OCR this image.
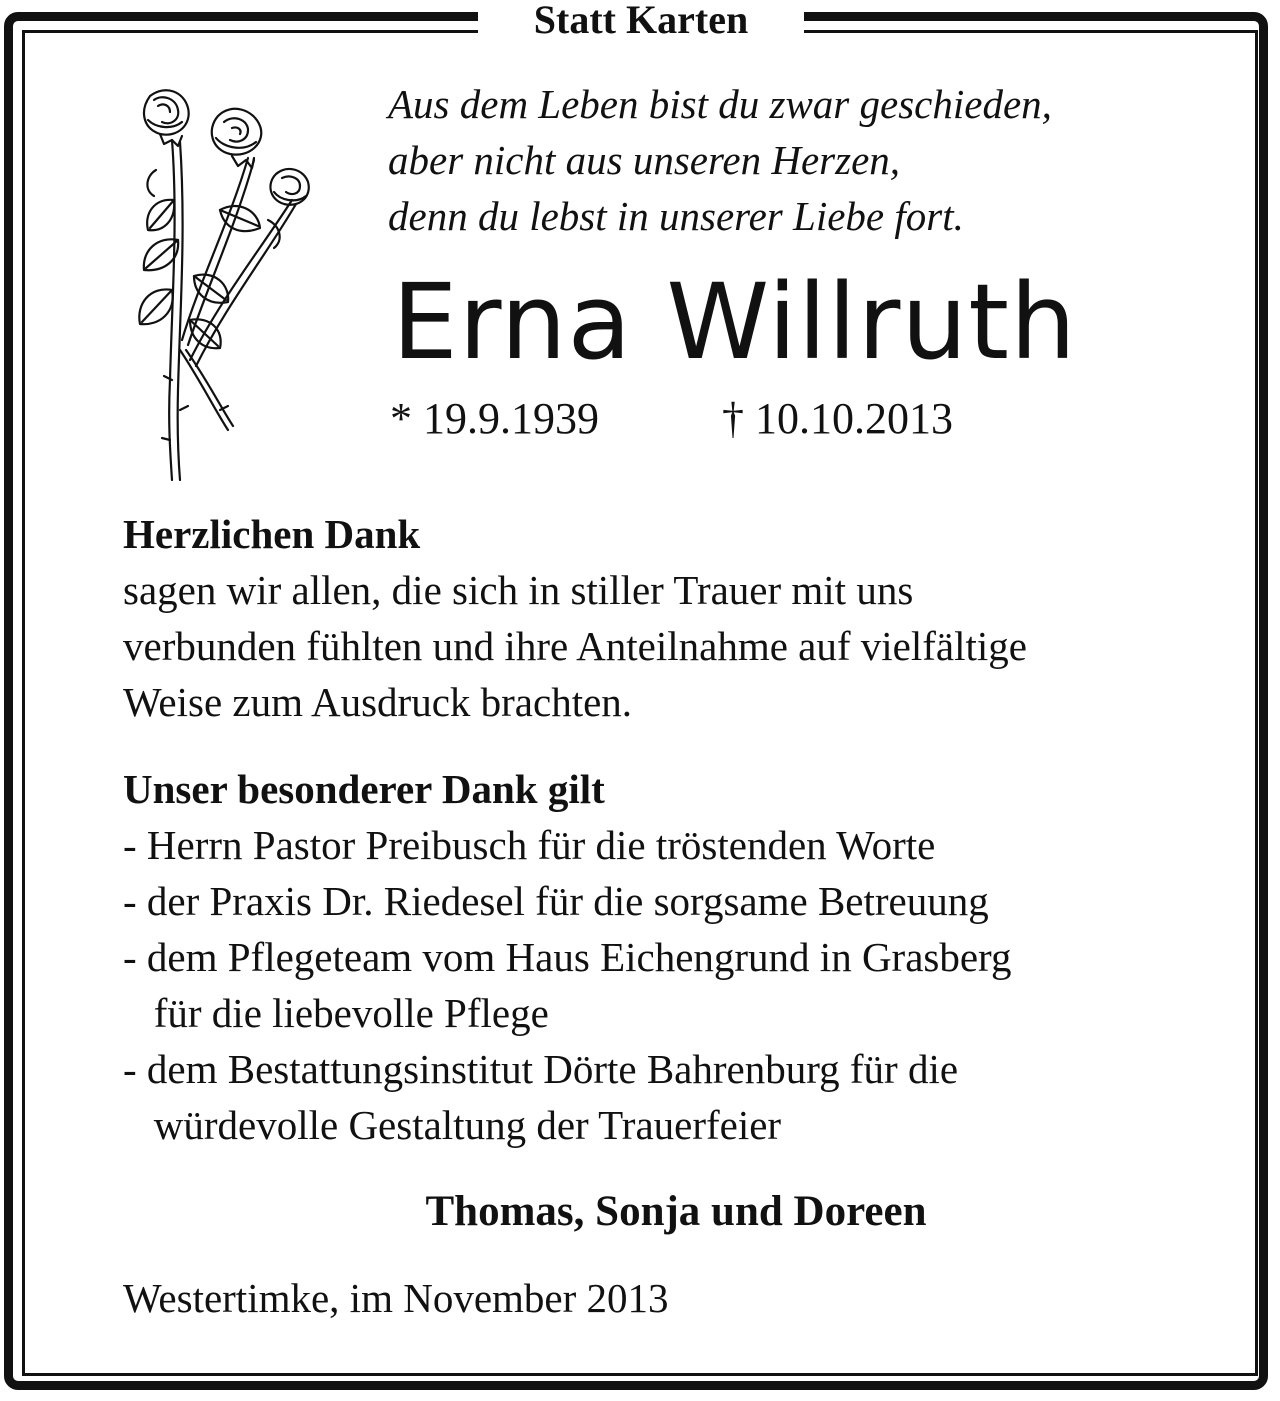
Statt Karten
Aus dem Leben bist du zwar geschieden,
aber nicht aus unseren Herzen,
denn du lebst in unserer Liebe fort.
Erna Willruth
* 19.9.1939	† 10.10.2013
Herzlichen Dank
sagen wir allen, die sich in stiller Trauer mit uns
verbunden fühlten und ihre Anteilnahme auf vielfältige
Weise zum Ausdruck brachten.
Unser besonderer Dank gilt
- Herrn Pastor Preibusch für die tröstenden Worte
- der Praxis Dr. Riedesel für die sorgsame Betreuung
- dem Pflegeteam vom Haus Eichengrund in Grasberg
für die liebevolle Pflege
- dem Bestattungsinstitut Dörte Bahrenburg für die
würdevolle Gestaltung der Trauerfeier
Thomas, Sonja und Doreen
Westertimke, im November 2013
